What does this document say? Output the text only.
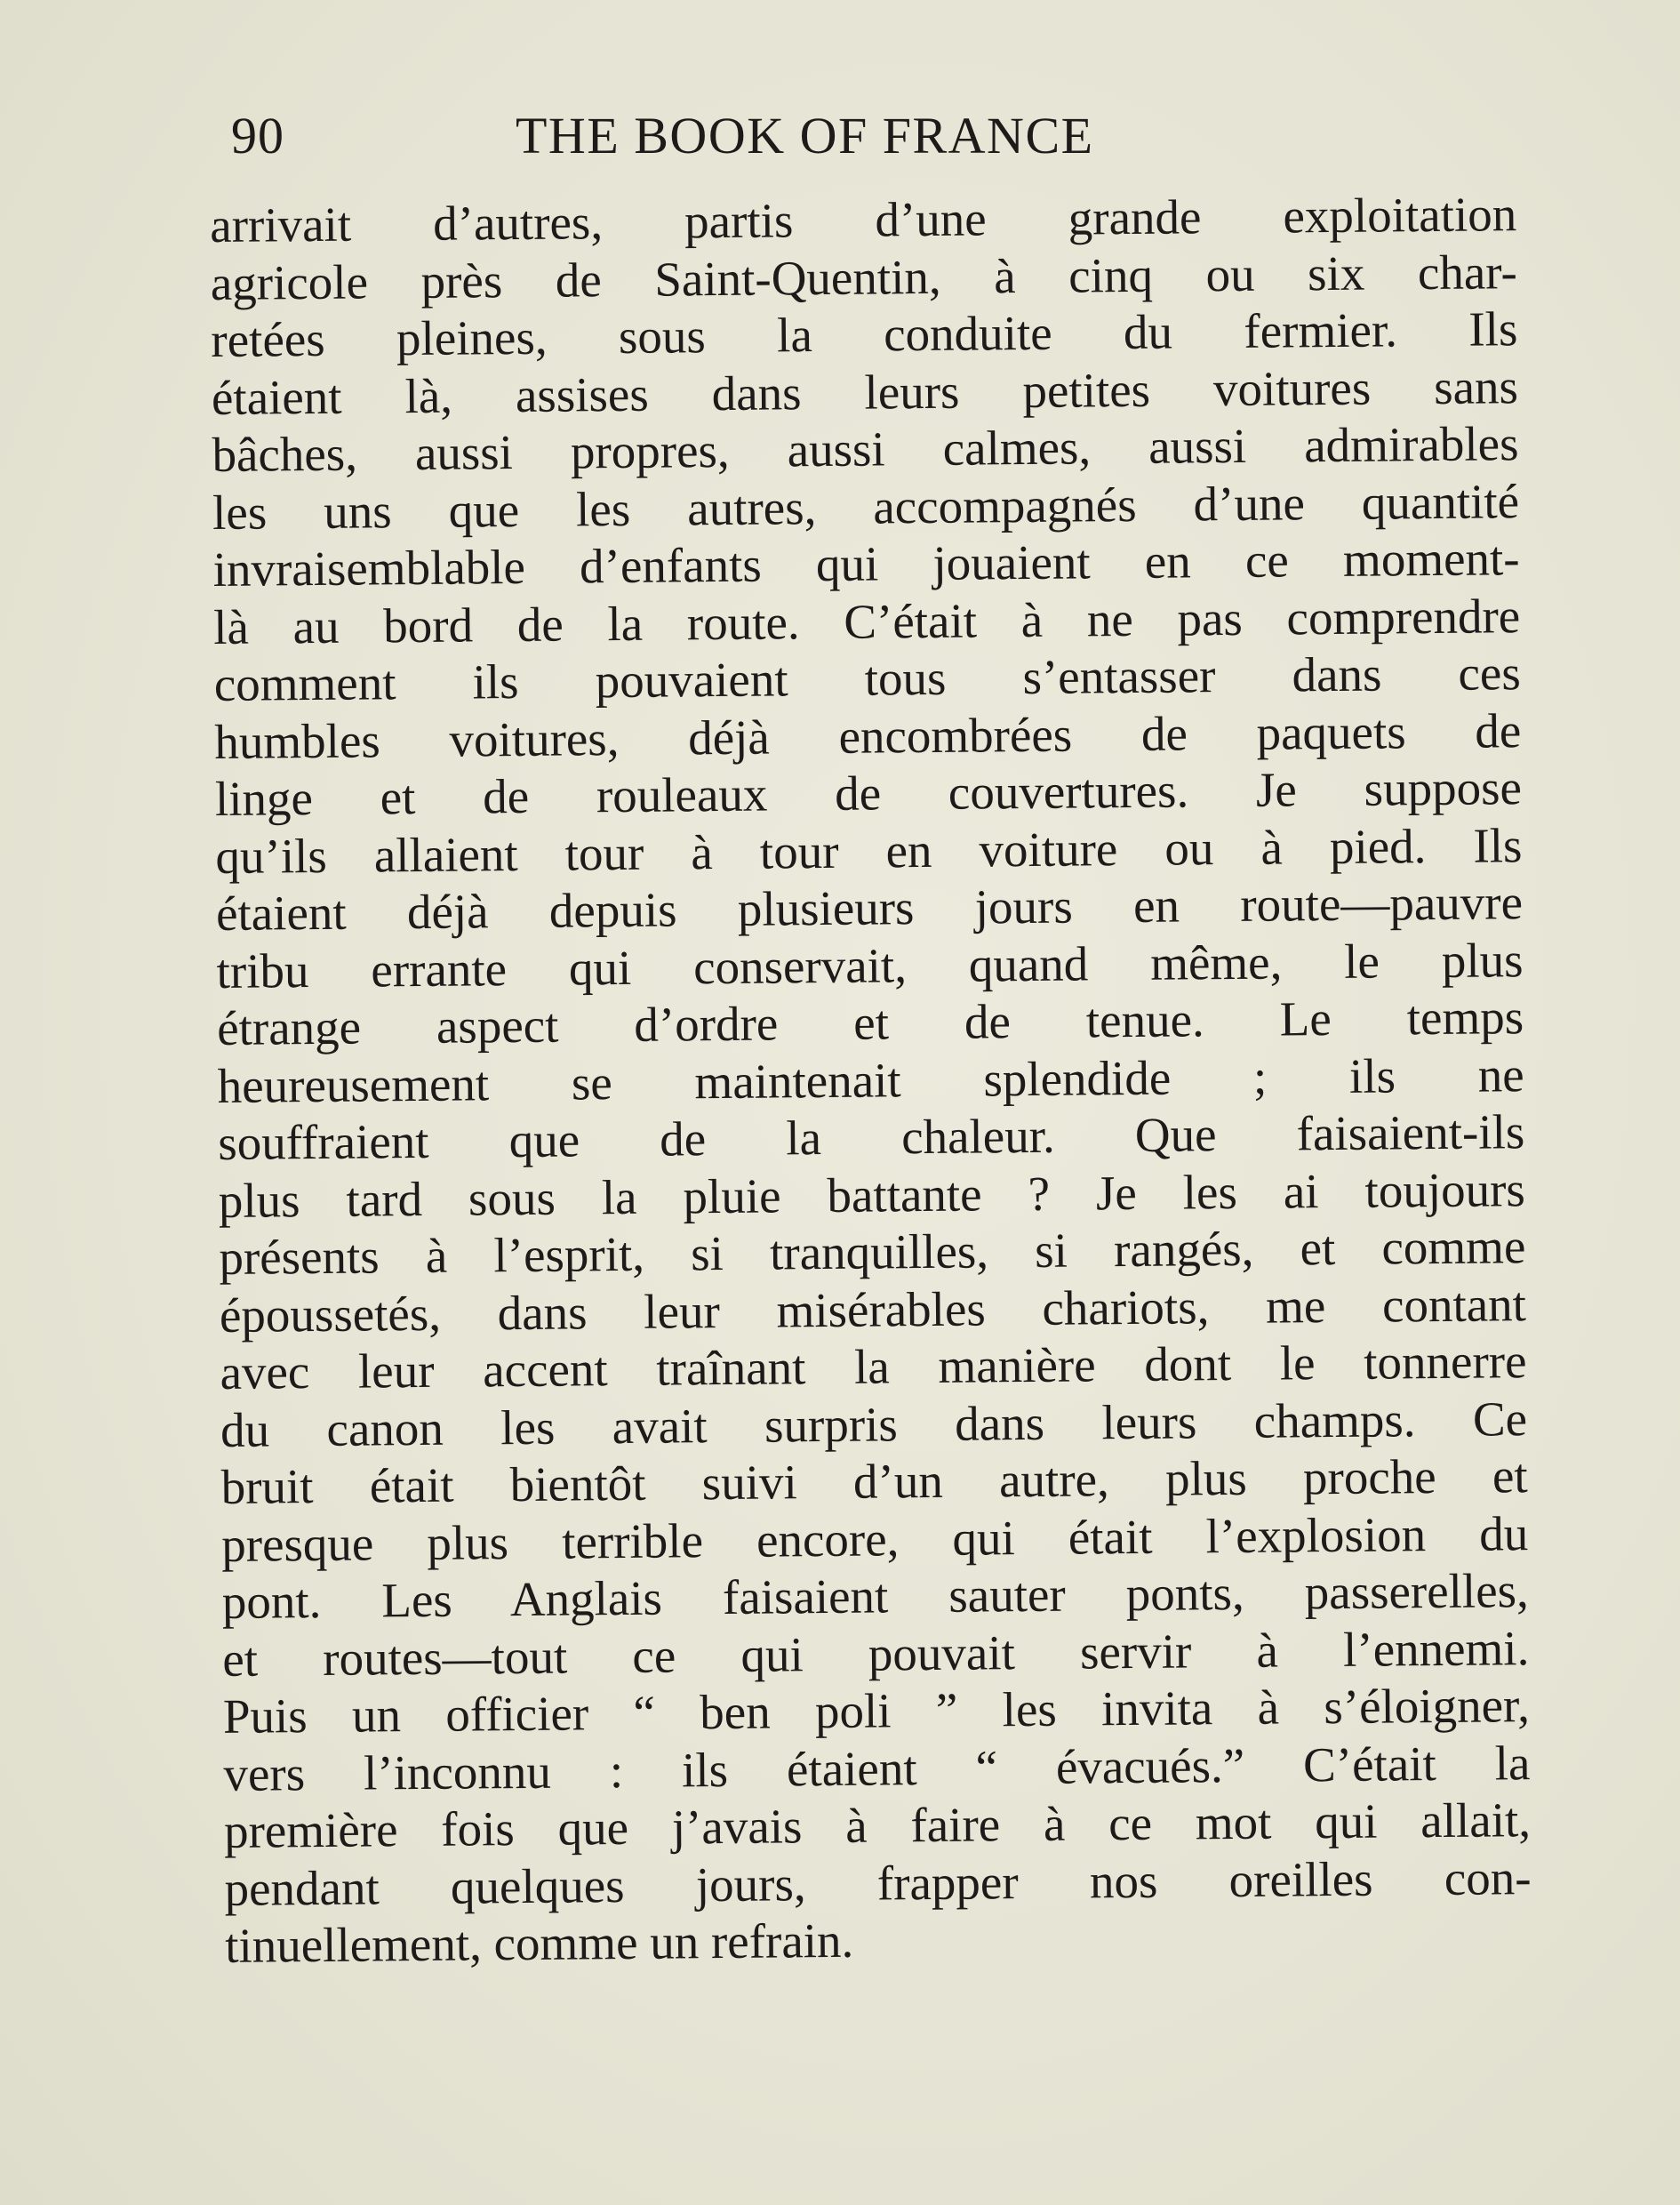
90	THE BOOK OF FRANCE
arrivait d’autres, partis d’une grande exploitation
agricole près de Saint-Quentin, à cinq ou six char-
retées pleines, sous la conduite du fermier. Ils
étaient là, assises dans leurs petites voitures sans
bâches, aussi propres, aussi calmes, aussi admirables
les uns que les autres, accompagnés d’une quantité
invraisemblable d’enfants qui jouaient en ce moment-
là au bord de la route. C’était à ne pas comprendre
comment ils pouvaient tous s’entasser dans ces
humbles voitures, déjà encombrées de paquets de
linge et de rouleaux de couvertures. Je suppose
qu’ils allaient tour à tour en voiture ou à pied. Ils
étaient déjà depuis plusieurs jours en route—pauvre
tribu errante qui conservait, quand même, le plus
étrange aspect d’ordre et de tenue. Le temps
heureusement se maintenait splendide ; ils ne
souffraient que de la chaleur. Que faisaient-ils
plus tard sous la pluie battante ? Je les ai toujours
présents à l’esprit, si tranquilles, si rangés, et comme
époussetés, dans leur misérables chariots, me contant
avec leur accent traînant la manière dont le tonnerre
du canon les avait surpris dans leurs champs. Ce
bruit était bientôt suivi d’un autre, plus proche et
presque plus terrible encore, qui était l’explosion du
pont. Les Anglais faisaient sauter ponts, passerelles,
et routes—tout ce qui pouvait servir à l’ennemi.
Puis un officier “ ben poli ” les invita à s’éloigner,
vers l’inconnu : ils étaient “ évacués.” C’était la
première fois que j’avais à faire à ce mot qui allait,
pendant quelques jours, frapper nos oreilles con-
tinuellement, comme un refrain.
